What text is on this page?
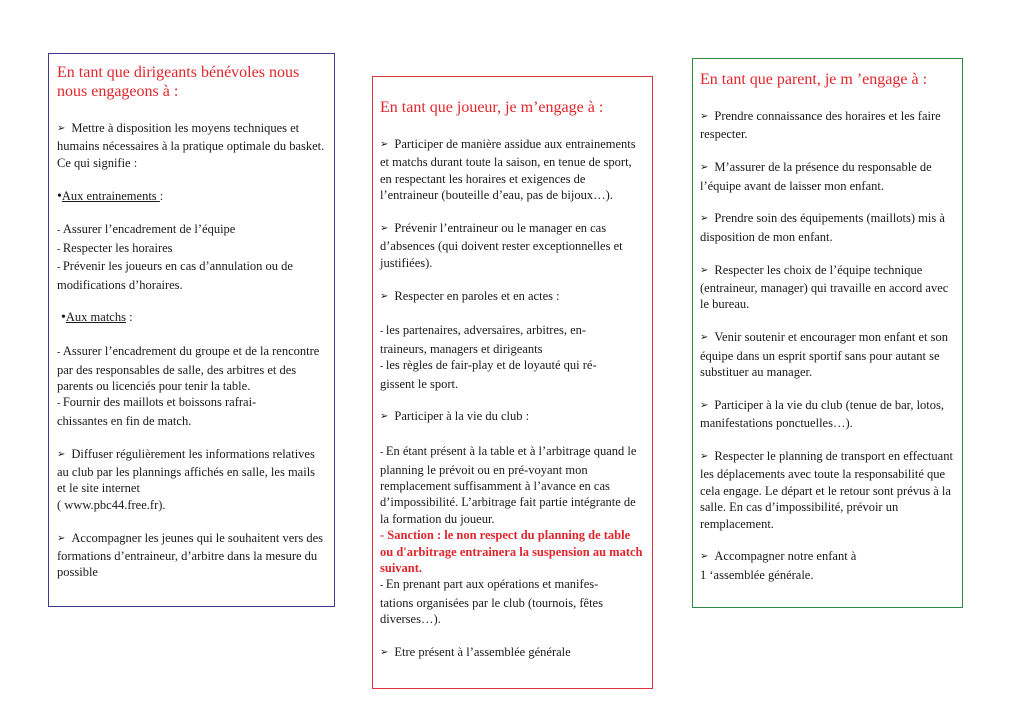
En tant que dirigeants bénévoles nous nous engageons à :

➢ Mettre à disposition les moyens techniques et humains nécessaires à la pratique optimale du basket. Ce qui signifie :

•Aux entrainements :

- Assurer l’encadrement de l’équipe

- Respecter les horaires

- Prévenir les joueurs en cas d’annulation ou de modifications d’horaires.

•Aux matchs :

- Assurer l’encadrement du groupe et de la rencontre par des responsables de salle, des arbitres et des parents ou licenciés pour tenir la table.

- Fournir des maillots et boissons rafrai-
chissantes en fin de match.

➢ Diffuser régulièrement les informations relatives au club par les plannings affichés en salle, les mails et le site internet
( www.pbc44.free.fr).

➢ Accompagner les jeunes qui le souhaitent vers des formations d’entraineur, d’arbitre dans la mesure du possible

En tant que joueur, je m’engage à :

➢ Participer de manière assidue aux entrainements et matchs durant toute la saison, en tenue de sport, en respectant les horaires et exigences de l’entraineur (bouteille d’eau, pas de bijoux…).

➢ Prévenir l’entraineur ou le manager en cas d’absences (qui doivent rester exceptionnelles et justifiées).

➢ Respecter en paroles et en actes :

- les partenaires, adversaires, arbitres, en-
traineurs, managers et dirigeants

- les règles de fair-play et de loyauté qui ré-
gissent le sport.

➢ Participer à la vie du club :

- En étant présent à la table et à l’arbitrage quand le planning le prévoit ou en pré-voyant mon remplacement suffisamment à l’avance en cas d’impossibilité. L’arbitrage fait partie intégrante de la formation du joueur.

- Sanction : le non respect du planning de table ou d'arbitrage entrainera la suspension au match suivant.

- En prenant part aux opérations et manifes-
tations organisées par le club (tournois, fêtes diverses…).

➢ Etre présent à l’assemblée générale

En tant que parent, je m ’engage à :

➢ Prendre connaissance des horaires et les faire respecter.

➢ M’assurer de la présence du responsable de l’équipe avant de laisser mon enfant.

➢ Prendre soin des équipements (maillots) mis à disposition de mon enfant.

➢ Respecter les choix de l’équipe technique (entraineur, manager) qui travaille en accord avec le bureau.

➢ Venir soutenir et encourager mon enfant et son équipe dans un esprit sportif sans pour autant se substituer au manager.

➢ Participer à la vie du club (tenue de bar, lotos, manifestations ponctuelles…).

➢ Respecter le planning de transport en effectuant les déplacements avec toute la responsabilité que cela engage. Le départ et le retour sont prévus à la salle. En cas d’impossibilité, prévoir un remplacement.

➢ Accompagner notre enfant à
1 ‘assemblée générale.
